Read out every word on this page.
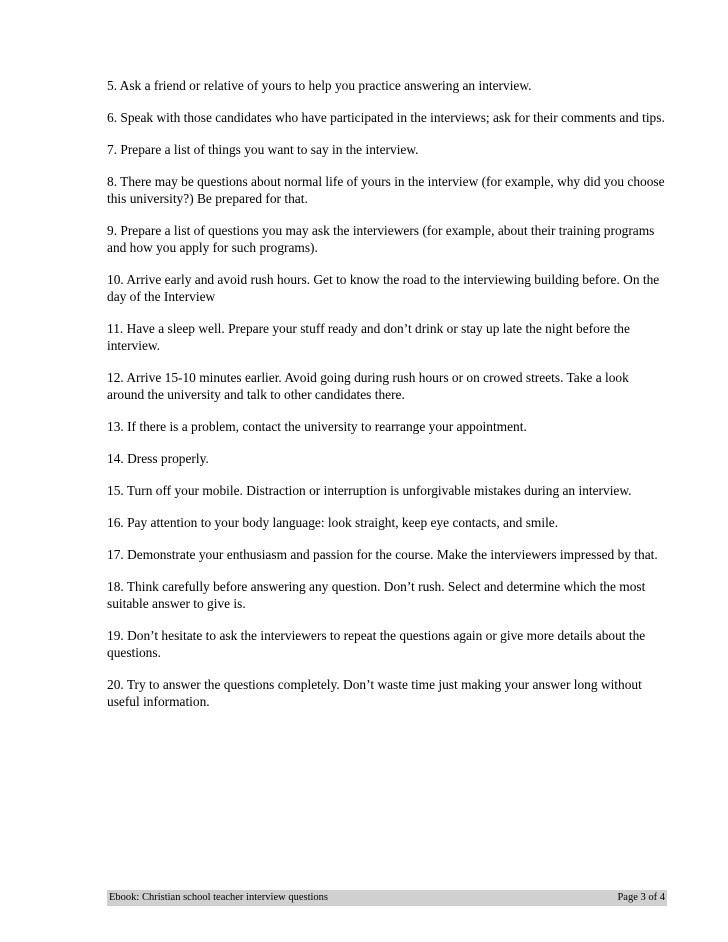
5. Ask a friend or relative of yours to help you practice answering an interview.

6. Speak with those candidates who have participated in the interviews; ask for their comments and tips.

7. Prepare a list of things you want to say in the interview.

8. There may be questions about normal life of yours in the interview (for example, why did you choose this university?) Be prepared for that.

9. Prepare a list of questions you may ask the interviewers (for example, about their training programs and how you apply for such programs).

10. Arrive early and avoid rush hours. Get to know the road to the interviewing building before. On the day of the Interview

11. Have a sleep well. Prepare your stuff ready and don’t drink or stay up late the night before the interview.

12. Arrive 15-10 minutes earlier. Avoid going during rush hours or on crowed streets. Take a look around the university and talk to other candidates there.

13. If there is a problem, contact the university to rearrange your appointment.

14. Dress properly.

15. Turn off your mobile. Distraction or interruption is unforgivable mistakes during an interview.

16. Pay attention to your body language: look straight, keep eye contacts, and smile.

17. Demonstrate your enthusiasm and passion for the course. Make the interviewers impressed by that.

18. Think carefully before answering any question. Don’t rush. Select and determine which the most suitable answer to give is.

19. Don’t hesitate to ask the interviewers to repeat the questions again or give more details about the questions.

20. Try to answer the questions completely. Don’t waste time just making your answer long without useful information.

Ebook: Christian school teacher interview questions	Page 3 of 4
